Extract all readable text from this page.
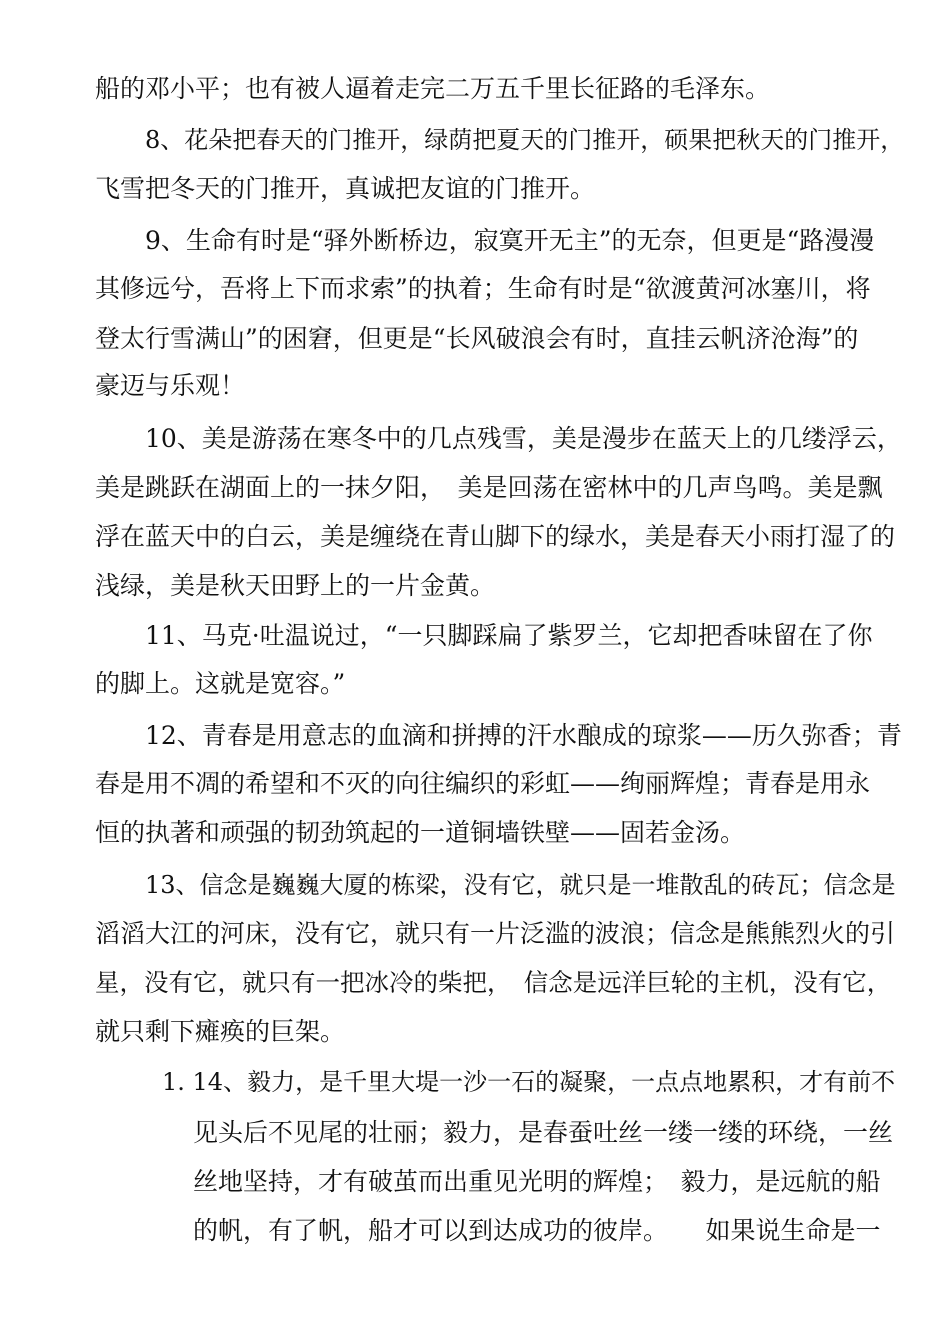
船的邓小平；也有被人逼着走完二万五千里长征路的毛泽东。

8、花朵把春天的门推开，绿荫把夏天的门推开，硕果把秋天的门推开，

飞雪把冬天的门推开，真诚把友谊的门推开。

9、生命有时是“驿外断桥边，寂寞开无主”的无奈，但更是“路漫漫

其修远兮，吾将上下而求索”的执着；生命有时是“欲渡黄河冰塞川，将

登太行雪满山”的困窘，但更是“长风破浪会有时，直挂云帆济沧海”的

豪迈与乐观！

10、美是游荡在寒冬中的几点残雪，美是漫步在蓝天上的几缕浮云，

美是跳跃在湖面上的一抹夕阳，　美是回荡在密林中的几声鸟鸣。美是飘

浮在蓝天中的白云，美是缠绕在青山脚下的绿水，美是春天小雨打湿了的

浅绿，美是秋天田野上的一片金黄。

11、马克·吐温说过，“一只脚踩扁了紫罗兰，它却把香味留在了你

的脚上。这就是宽容。”

12、青春是用意志的血滴和拼搏的汗水酿成的琼浆——历久弥香；青

春是用不凋的希望和不灭的向往编织的彩虹——绚丽辉煌；青春是用永

恒的执著和顽强的韧劲筑起的一道铜墙铁壁——固若金汤。

13、信念是巍巍大厦的栋梁，没有它，就只是一堆散乱的砖瓦；信念是

滔滔大江的河床，没有它，就只有一片泛滥的波浪；信念是熊熊烈火的引

星，没有它，就只有一把冰冷的柴把，　信念是远洋巨轮的主机，没有它，

就只剩下瘫痪的巨架。

1. 14、毅力，是千里大堤一沙一石的凝聚，一点点地累积，才有前不

见头后不见尾的壮丽；毅力，是春蚕吐丝一缕一缕的环绕，一丝

丝地坚持，才有破茧而出重见光明的辉煌；　毅力，是远航的船

的帆，有了帆，船才可以到达成功的彼岸。　　如果说生命是一
